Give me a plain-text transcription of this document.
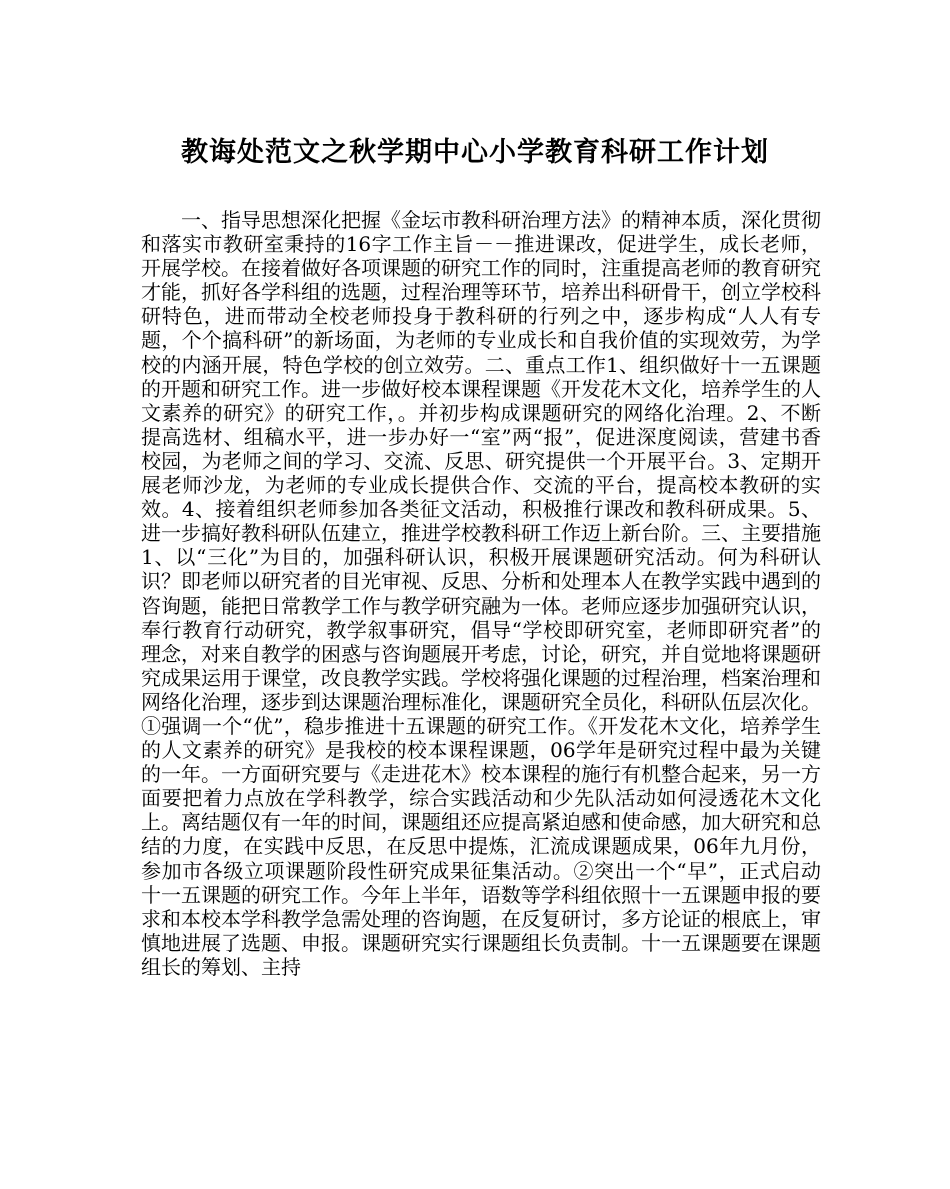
教诲处范文之秋学期中心小学教育科研工作计划

一、指导思想深化把握《金坛市教科研治理方法》的精神本质，深化贯彻和落实市教研室秉持的16字工作主旨－－推进课改，促进学生，成长老师，开展学校。在接着做好各项课题的研究工作的同时，注重提高老师的教育研究才能，抓好各学科组的选题，过程治理等环节，培养出科研骨干，创立学校科研特色，进而带动全校老师投身于教科研的行列之中，逐步构成“人人有专题，个个搞科研”的新场面，为老师的专业成长和自我价值的实现效劳，为学校的内涵开展，特色学校的创立效劳。二、重点工作1、组织做好十一五课题的开题和研究工作。进一步做好校本课程课题《开发花木文化，培养学生的人文素养的研究》的研究工作，。并初步构成课题研究的网络化治理。2、不断提高选材、组稿水平，进一步办好一“室”两“报”，促进深度阅读，营建书香校园，为老师之间的学习、交流、反思、研究提供一个开展平台。3、定期开展老师沙龙，为老师的专业成长提供合作、交流的平台，提高校本教研的实效。4、接着组织老师参加各类征文活动，积极推行课改和教科研成果。5、进一步搞好教科研队伍建立，推进学校教科研工作迈上新台阶。三、主要措施1、以“三化”为目的，加强科研认识，积极开展课题研究活动。何为科研认识？即老师以研究者的目光审视、反思、分析和处理本人在教学实践中遇到的咨询题，能把日常教学工作与教学研究融为一体。老师应逐步加强研究认识，奉行教育行动研究，教学叙事研究，倡导“学校即研究室，老师即研究者”的理念，对来自教学的困惑与咨询题展开考虑，讨论，研究，并自觉地将课题研究成果运用于课堂，改良教学实践。学校将强化课题的过程治理，档案治理和网络化治理，逐步到达课题治理标准化，课题研究全员化，科研队伍层次化。①强调一个“优”，稳步推进十五课题的研究工作。《开发花木文化，培养学生的人文素养的研究》是我校的校本课程课题，06学年是研究过程中最为关键的一年。一方面研究要与《走进花木》校本课程的施行有机整合起来，另一方面要把着力点放在学科教学，综合实践活动和少先队活动如何浸透花木文化上。离结题仅有一年的时间，课题组还应提高紧迫感和使命感，加大研究和总结的力度，在实践中反思，在反思中提炼，汇流成课题成果，06年九月份，参加市各级立项课题阶段性研究成果征集活动。②突出一个“早”，正式启动十一五课题的研究工作。今年上半年，语数等学科组依照十一五课题申报的要求和本校本学科教学急需处理的咨询题，在反复研讨，多方论证的根底上，审慎地进展了选题、申报。课题研究实行课题组长负责制。十一五课题要在课题组长的筹划、主持
